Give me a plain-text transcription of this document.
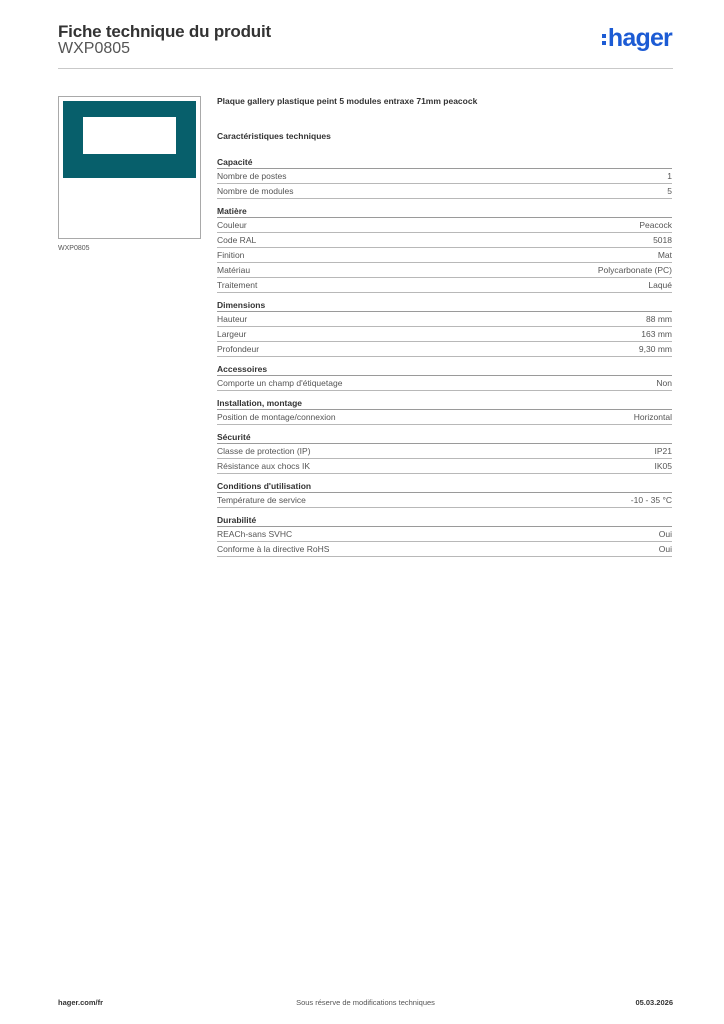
Fiche technique du produit
WXP0805	hager
WXP0805
Plaque gallery plastique peint 5 modules entraxe 71mm peacock
Caractéristiques techniques
Capacité
Nombre de postes	1
Nombre de modules	5
Matière
Couleur	Peacock
Code RAL	5018
Finition	Mat
Matériau	Polycarbonate (PC)
Traitement	Laqué
Dimensions
Hauteur	88 mm
Largeur	163 mm
Profondeur	9,30 mm
Accessoires
Comporte un champ d'étiquetage	Non
Installation, montage
Position de montage/connexion	Horizontal
Sécurité
Classe de protection (IP)	IP21
Résistance aux chocs IK	IK05
Conditions d'utilisation
Température de service	-10 - 35 °C
Durabilité
REACh-sans SVHC	Oui
Conforme à la directive RoHS	Oui
hager.com/fr	Sous réserve de modifications techniques	05.03.2026
